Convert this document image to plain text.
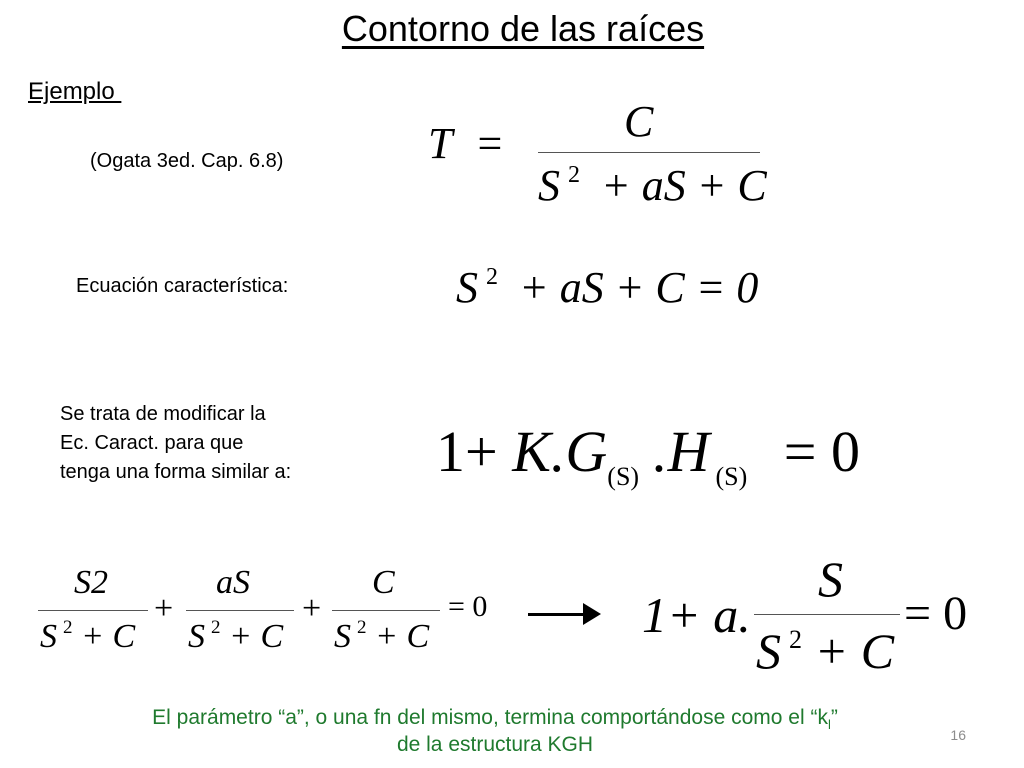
Contorno de las raíces
Ejemplo
(Ogata 3ed. Cap. 6.8)	T =	C
S $^2$ + aS + C
Ecuación característica:	S $^2$ + aS + C = 0
Se trata de modificar la
Ec. Caract. para que
tenga una forma similar a: $1+ K.G_{(S)}$ .H $_{(S)}$ = 0
S2
S $^2$ + C
+
aS
S $^2$ + C
+
C
S $^2$ + C
= 0	1+ a.
S
S $^2$ + C
= 0
El parámetro “a”, o una fn del mismo, termina comportándose como el “$k_l$”
de la estructura KGH	16
